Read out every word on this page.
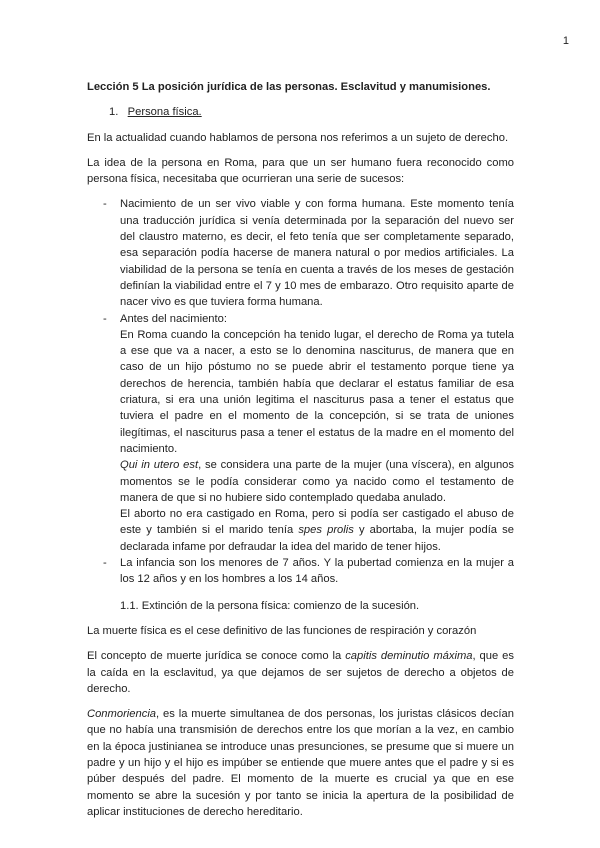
1

Lección 5 La posición jurídica de las personas. Esclavitud y manumisiones.

1. Persona física.

En la actualidad cuando hablamos de persona nos referimos a un sujeto de derecho.

La idea de la persona en Roma, para que un ser humano fuera reconocido como persona física, necesitaba que ocurrieran una serie de sucesos:

- Nacimiento de un ser vivo viable y con forma humana. Este momento tenía una traducción jurídica si venía determinada por la separación del nuevo ser del claustro materno, es decir, el feto tenía que ser completamente separado, esa separación podía hacerse de manera natural o por medios artificiales. La viabilidad de la persona se tenía en cuenta a través de los meses de gestación definían la viabilidad entre el 7 y 10 mes de embarazo. Otro requisito aparte de nacer vivo es que tuviera forma humana.
- Antes del nacimiento:

En Roma cuando la concepción ha tenido lugar, el derecho de Roma ya tutela a ese que va a nacer, a esto se lo denomina nasciturus, de manera que en caso de un hijo póstumo no se puede abrir el testamento porque tiene ya derechos de herencia, también había que declarar el estatus familiar de esa criatura, si era una unión legitima el nasciturus pasa a tener el estatus que tuviera el padre en el momento de la concepción, si se trata de uniones ilegítimas, el nasciturus pasa a tener el estatus de la madre en el momento del nacimiento.

Qui in utero est, se considera una parte de la mujer (una víscera), en algunos momentos se le podía considerar como ya nacido como el testamento de manera de que si no hubiere sido contemplado quedaba anulado.

El aborto no era castigado en Roma, pero si podía ser castigado el abuso de este y también si el marido tenía spes prolis y abortaba, la mujer podía se declarada infame por defraudar la idea del marido de tener hijos.

- La infancia son los menores de 7 años. Y la pubertad comienza en la mujer a los 12 años y en los hombres a los 14 años.

1.1. Extinción de la persona física: comienzo de la sucesión.

La muerte física es el cese definitivo de las funciones de respiración y corazón

El concepto de muerte jurídica se conoce como la capitis deminutio máxima, que es la caída en la esclavitud, ya que dejamos de ser sujetos de derecho a objetos de derecho.

Conmoriencia, es la muerte simultanea de dos personas, los juristas clásicos decían que no había una transmisión de derechos entre los que morían a la vez, en cambio en la época justinianea se introduce unas presunciones, se presume que si muere un padre y un hijo y el hijo es impúber se entiende que muere antes que el padre y si es púber después del padre. El momento de la muerte es crucial ya que en ese momento se abre la sucesión y por tanto se inicia la apertura de la posibilidad de aplicar instituciones de derecho hereditario.
